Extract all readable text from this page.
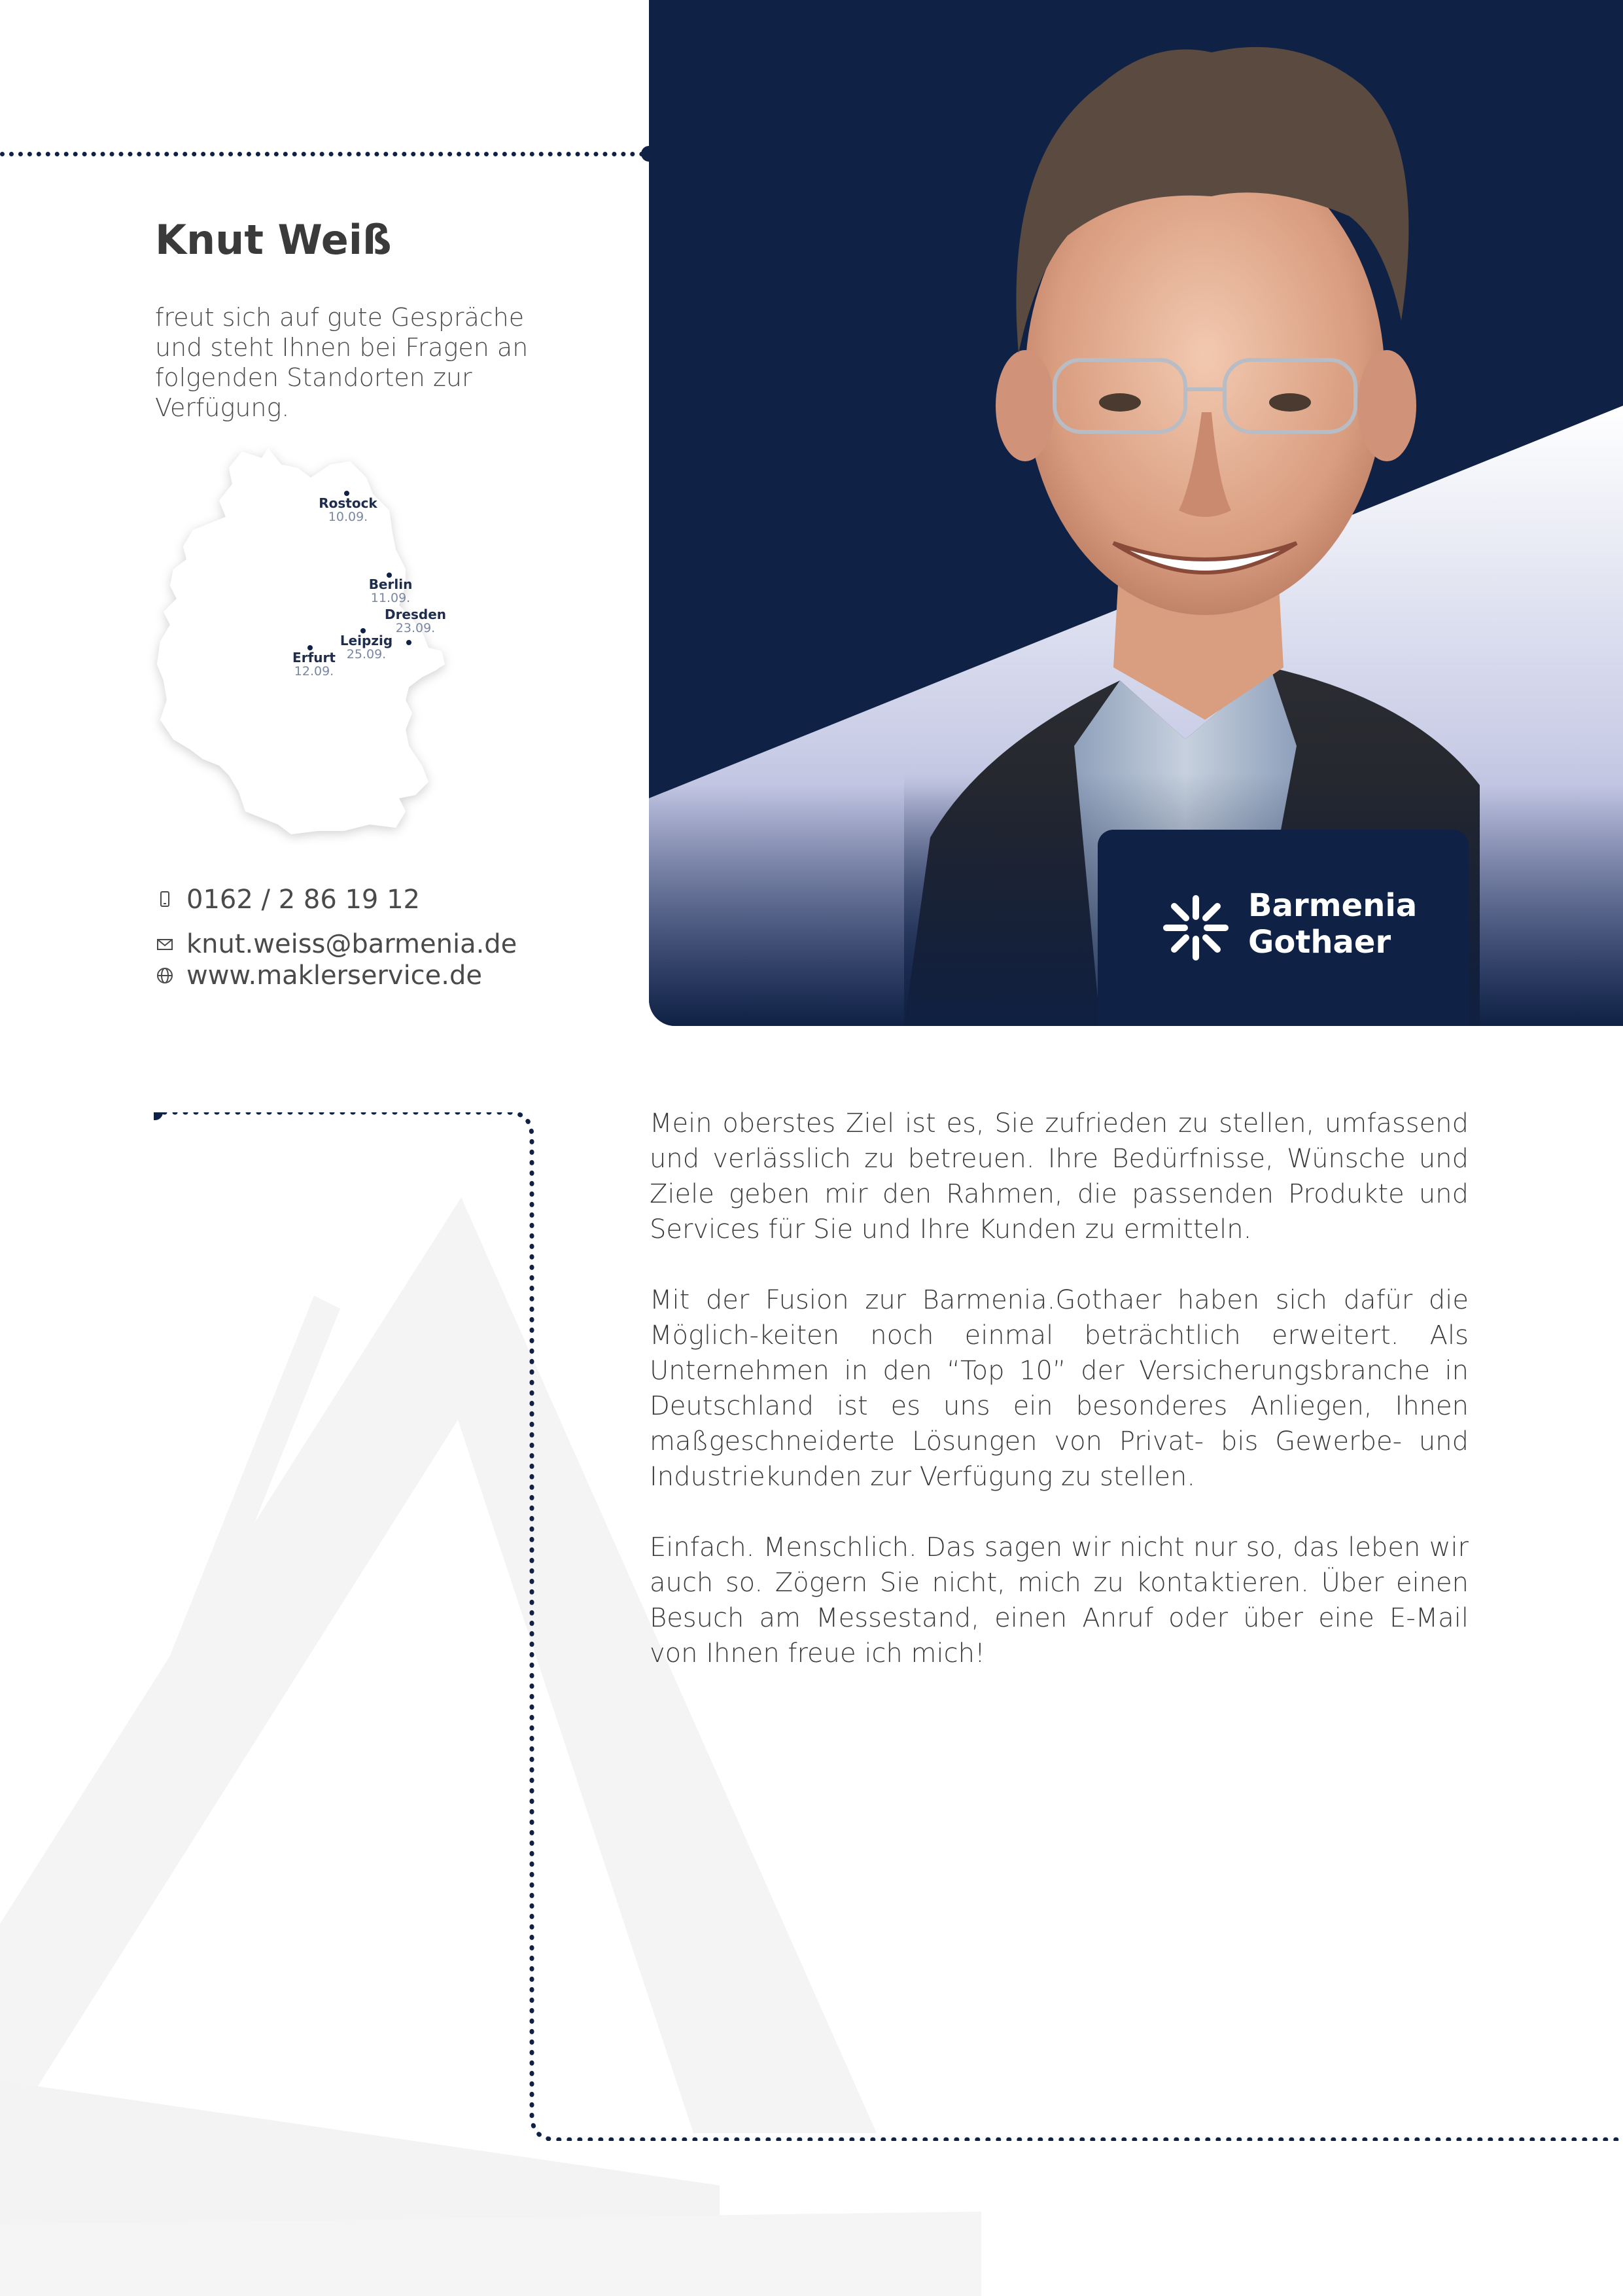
Knut Weiß
freut sich auf gute Gespräche und steht Ihnen bei Fragen an folgenden Standorten zur Verfügung.
Rostock
10.09.
Berlin
11.09.
Dresden
23.09.
Leipzig
25.09.
Erfurt
12.09.
0162 / 2 86 19 12
knut.weiss@barmenia.de
www.maklerservice.de
Barmenia
Gothaer

Mein oberstes Ziel ist es, Sie zufrieden zu stellen, umfassend und verlässlich zu betreuen. Ihre Bedürfnisse, Wünsche und Ziele geben mir den Rahmen, die passenden Produkte und Services für Sie und Ihre Kunden zu ermitteln.

Mit der Fusion zur Barmenia.Gothaer haben sich dafür die Möglich-keiten noch einmal beträchtlich erweitert. Als Unternehmen in den “Top 10” der Versicherungsbranche in Deutschland ist es uns ein besonderes Anliegen, Ihnen maßgeschneiderte Lösungen von Privat- bis Gewerbe- und Industriekunden zur Verfügung zu stellen.

Einfach. Menschlich. Das sagen wir nicht nur so, das leben wir auch so. Zögern Sie nicht, mich zu kontaktieren. Über einen Besuch am Messestand, einen Anruf oder über eine E-Mail von Ihnen freue ich mich!
